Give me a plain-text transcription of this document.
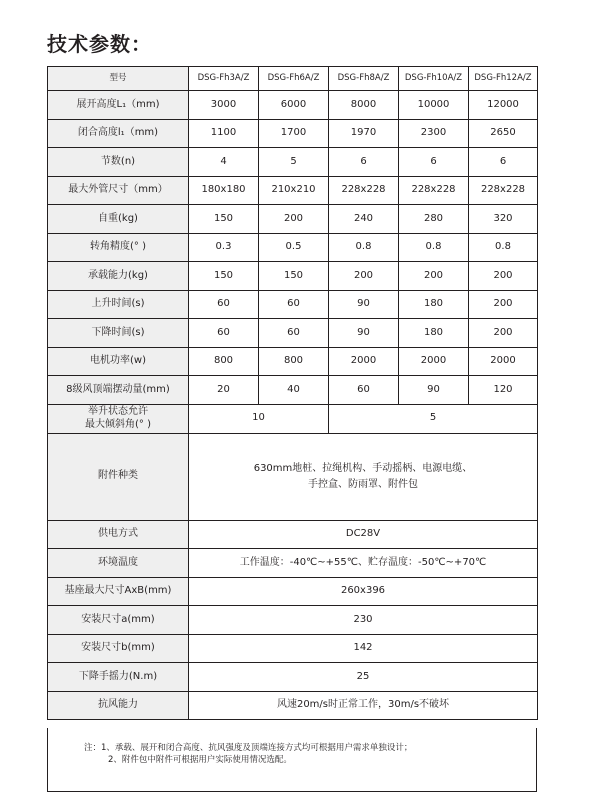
技术参数：
型号	DSG-Fh3A/Z	DSG-Fh6A/Z	DSG-Fh8A/Z	DSG-Fh10A/Z	DSG-Fh12A/Z
展开高度L₁（mm)	3000	6000	8000	10000	12000
闭合高度l₁（mm)	1100	1700	1970	2300	2650
节数(n)	4	5	6	6	6
最大外管尺寸（mm）	180x180	210x210	228x228	228x228	228x228
自重(kg)	150	200	240	280	320
转角精度(° )	0.3	0.5	0.8	0.8	0.8
承载能力(kg)	150	150	200	200	200
上升时间(s)	60	60	90	180	200
下降时间(s)	60	60	90	180	200
电机功率(w)	800	800	2000	2000	2000
8级风顶端摆动量(mm)	20	40	60	90	120

举升状态允许
最大倾斜角(° )	10		5		
附件种类	630mm地桩、拉绳机构、手动摇柄、电源电缆、
手控盒、防雨罩、附件包				

供电方式	DC28V				
环境温度	工作温度：-40℃~+55℃、贮存温度：-50℃~+70℃				
基座最大尺寸AxB(mm)	260x396				
安装尺寸a(mm)	230				
安装尺寸b(mm)	142				
下降手摇力(N.m)	25				
抗风能力	风速20m/s时正常工作，30m/s不破坏				
注：1、承载、展开和闭合高度、抗风强度及顶端连接方式均可根据用户需求单独设计；
2、附件包中附件可根据用户实际使用情况选配。
